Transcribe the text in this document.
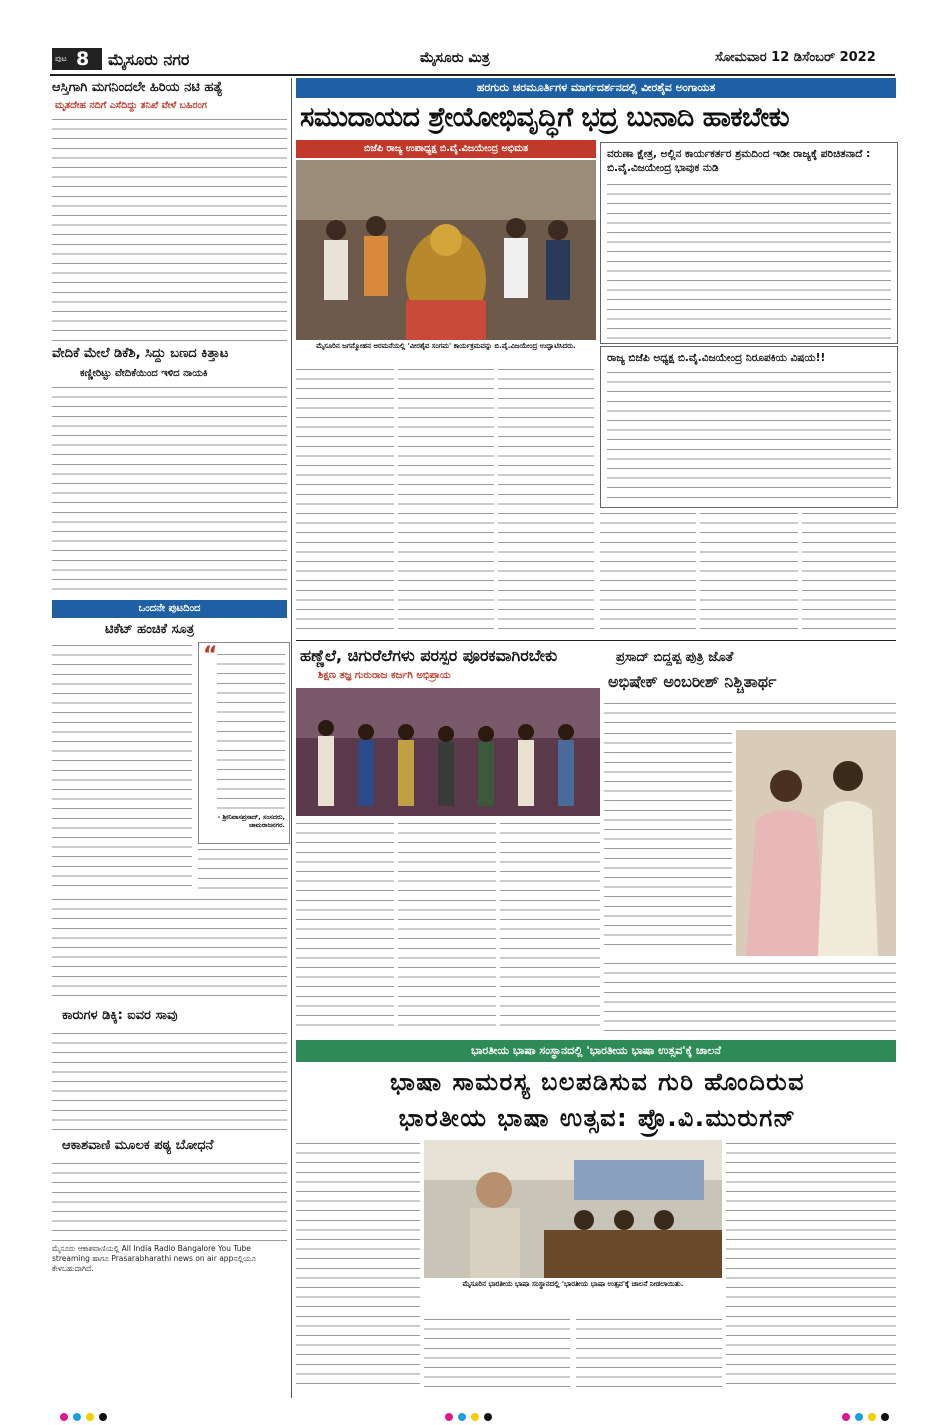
ಪುಟ 8 ಮೈಸೂರು ನಗರ	ಮೈಸೂರು ಮಿತ್ರ	ಸೋಮವಾರ 12 ಡಿಸೆಂಬರ್ 2022
ಆಸ್ತಿಗಾಗಿ ಮಗನಿಂದಲೇ ಹಿರಿಯ ನಟಿ ಹತ್ಯೆ
ಮೃತದೇಹ ನದಿಗೆ ಎಸೆದಿದ್ದು ತನಿಖೆ ವೇಳೆ ಬಹಿರಂಗ
ವೇದಿಕೆ ಮೇಲೆ ಡಿಕೆಶಿ, ಸಿದ್ದು ಬಣದ ಕಿತ್ತಾಟ
ಕಣ್ಣೀರಿಟ್ಟು ವೇದಿಕೆಯಿಂದ ಇಳಿದ ನಾಯಕಿ
ಒಂದನೇ ಪುಟದಿಂದ
ಟಿಕೆಟ್ ಹಂಚಿಕೆ ಸೂತ್ರ
“
- ಶ್ರೀನಿವಾಸಪ್ರಸಾದ್, ಸಂಸದರು, ಚಾಮರಾಜನಗರ.
ಕಾರುಗಳ ಡಿಕ್ಕಿ: ಐವರ ಸಾವು
ಆಕಾಶವಾಣಿ ಮೂಲಕ ಪಠ್ಯ ಬೋಧನೆ
ಮೈಸೂರು ಆಕಾಶವಾಣಿಯಲ್ಲಿ All India Radio Bangalore You Tube streaming ಹಾಗೂ Prasarabharathi news on air appನಲ್ಲಿಯೂ ಕೇಳಬಹುದಾಗಿದೆ.
ಹರಗುರು ಚರಮೂರ್ತಿಗಳ ಮಾರ್ಗದರ್ಶನದಲ್ಲಿ ವೀರಶೈವ ಅಂಗಾಯತ
ಸಮುದಾಯದ ಶ್ರೇಯೋಭಿವೃದ್ಧಿಗೆ ಭದ್ರ ಬುನಾದಿ ಹಾಕಬೇಕು
ಬಿಜೆಪಿ ರಾಜ್ಯ ಉಪಾಧ್ಯಕ್ಷ ಬಿ.ವೈ.ವಿಜಯೇಂದ್ರ ಅಭಿಮತ
ಮೈಸೂರಿನ ಜಗನ್ಮೋಹನ ಅರಮನೆಯಲ್ಲಿ 'ವೀರಶೈವ ಸಂಗಮ' ಕಾರ್ಯಕ್ರಮವನ್ನು ಬಿ.ವೈ.ವಿಜಯೇಂದ್ರ ಉದ್ಘಾಟಿಸಿದರು.
ವರುಣಾ ಕ್ಷೇತ್ರ, ಅಲ್ಲಿನ ಕಾರ್ಯಕರ್ತರ ಶ್ರಮದಿಂದ ಇಡೀ ರಾಜ್ಯಕ್ಕೆ ಪರಿಚಿತನಾದೆ : ಬಿ.ವೈ.ವಿಜಯೇಂದ್ರ ಭಾವುಕ ನುಡಿ
ರಾಜ್ಯ ಬಿಜೆಪಿ ಅಧ್ಯಕ್ಷ ಬಿ.ವೈ.ವಿಜಯೇಂದ್ರ ನಿರೂಪಕಿಯ ವಿಷಯ!!
ಹಣ್ಣೆಲೆ, ಚಿಗುರೆಲೆಗಳು ಪರಸ್ಪರ ಪೂರಕವಾಗಿರಬೇಕು
ಶಿಕ್ಷಣ ತಜ್ಞ ಗುರುರಾಜ ಕರ್ಜಗಿ ಅಭಿಪ್ರಾಯ
ಪ್ರಸಾದ್ ಬಿದ್ದಪ್ಪ ಪುತ್ರಿ ಜೊತೆ
ಅಭಿಷೇಕ್ ಅಂಬರೀಶ್ ನಿಶ್ಚಿತಾರ್ಥ
ಭಾರತೀಯ ಭಾಷಾ ಸಂಸ್ಥಾನದಲ್ಲಿ 'ಭಾರತೀಯ ಭಾಷಾ ಉತ್ಸವ'ಕ್ಕೆ ಚಾಲನೆ
ಭಾಷಾ ಸಾಮರಸ್ಯ ಬಲಪಡಿಸುವ ಗುರಿ ಹೊಂದಿರುವ
ಭಾರತೀಯ ಭಾಷಾ ಉತ್ಸವ: ಪ್ರೊ.ವಿ.ಮುರುಗನ್
ಮೈಸೂರಿನ ಭಾರತೀಯ ಭಾಷಾ ಸಂಸ್ಥಾನದಲ್ಲಿ 'ಭಾರತೀಯ ಭಾಷಾ ಉತ್ಸವ'ಕ್ಕೆ ಚಾಲನೆ ನೀಡಲಾಯಿತು.
